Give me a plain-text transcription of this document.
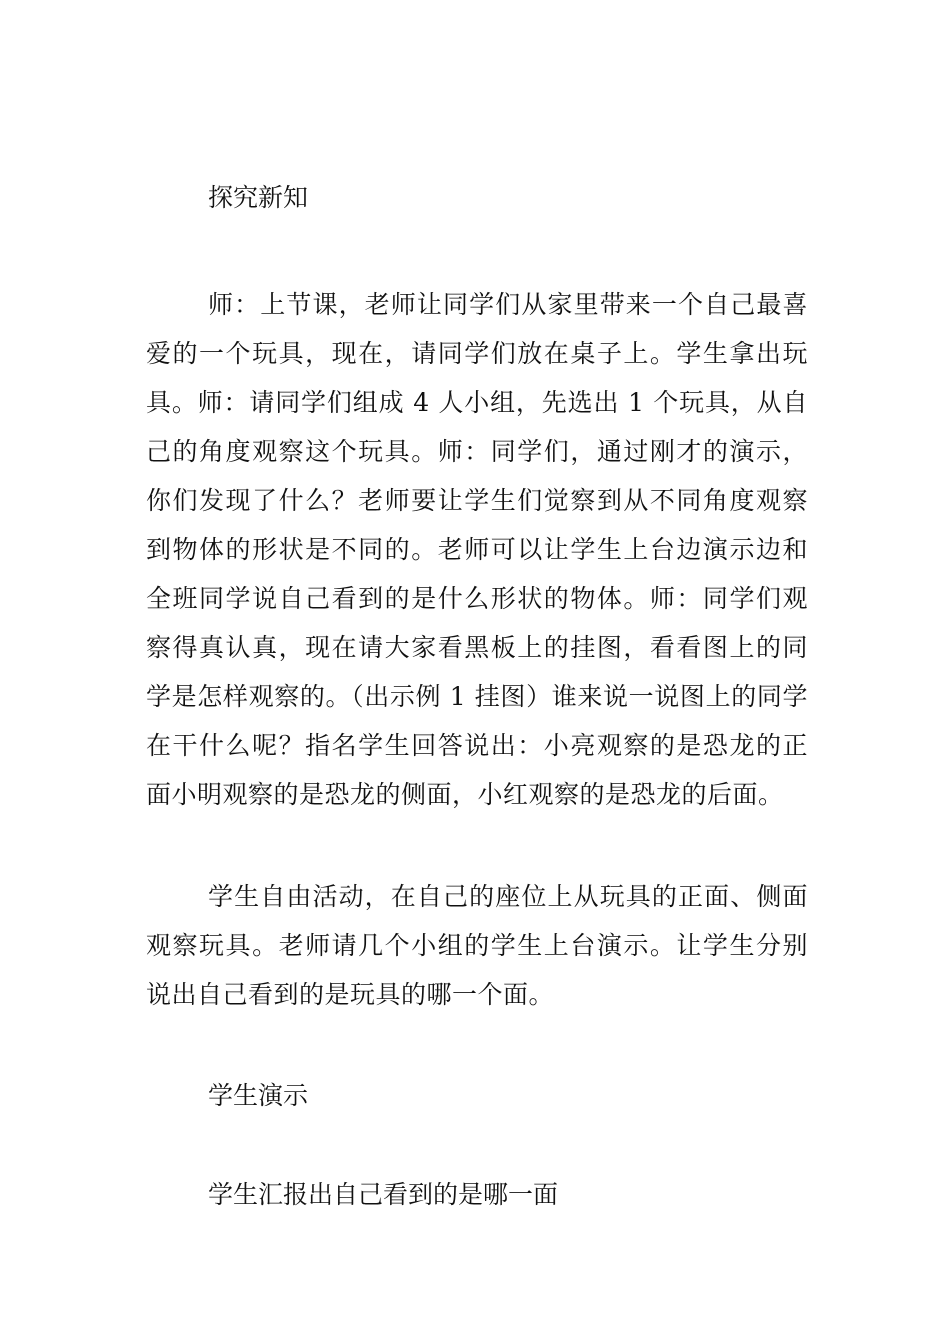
探究新知

师：上节课，老师让同学们从家里带来一个自己最喜爱的一个玩具，现在，请同学们放在桌子上。学生拿出玩具。师：请同学们组成 4 人小组，先选出 1 个玩具，从自己的角度观察这个玩具。师：同学们，通过刚才的演示，你们发现了什么？老师要让学生们觉察到从不同角度观察到物体的形状是不同的。老师可以让学生上台边演示边和全班同学说自己看到的是什么形状的物体。师：同学们观察得真认真，现在请大家看黑板上的挂图，看看图上的同学是怎样观察的。（出示例 1 挂图）谁来说一说图上的同学在干什么呢？指名学生回答说出：小亮观察的是恐龙的正面小明观察的是恐龙的侧面，小红观察的是恐龙的后面。

学生自由活动，在自己的座位上从玩具的正面、侧面观察玩具。老师请几个小组的学生上台演示。让学生分别说出自己看到的是玩具的哪一个面。

学生演示

学生汇报出自己看到的是哪一面
